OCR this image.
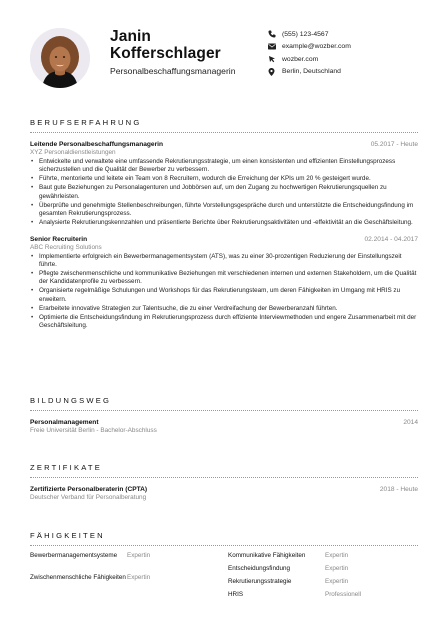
Janin
Kofferschlager
Personalbeschaffungsmanagerin
(555) 123-4567
example@wozber.com
wozber.com
Berlin, Deutschland
BERUFSERFAHRUNG
Leitende Personalbeschaffungsmanagerin	05.2017 - Heute
XYZ Personaldienstleistungen
• Entwickelte und verwaltete eine umfassende Rekrutierungsstrategie, um einen konsistenten und effizienten Einstellungsprozess sicherzustellen und die Qualität der Bewerber zu verbessern.
• Führte, mentorierte und leitete ein Team von 8 Recruitern, wodurch die Erreichung der KPIs um 20 % gesteigert wurde.
• Baut gute Beziehungen zu Personalagenturen und Jobbörsen auf, um den Zugang zu hochwertigen Rekrutierungsquellen zu gewährleisten.
• Überprüfte und genehmigte Stellenbeschreibungen, führte Vorstellungsgespräche durch und unterstützte die Entscheidungsfindung im gesamten Rekrutierungsprozess.
• Analysierte Rekrutierungskennzahlen und präsentierte Berichte über Rekrutierungsaktivitäten und -effektivität an die Geschäftsleitung.
Senior Recruiterin	02.2014 - 04.2017
ABC Recruiting Solutions
• Implementierte erfolgreich ein Bewerbermanagementsystem (ATS), was zu einer 30-prozentigen Reduzierung der Einstellungszeit führte.
• Pflegte zwischenmenschliche und kommunikative Beziehungen mit verschiedenen internen und externen Stakeholdern, um die Qualität der Kandidatenprofile zu verbessern.
• Organisierte regelmäßige Schulungen und Workshops für das Rekrutierungsteam, um deren Fähigkeiten im Umgang mit HRIS zu erweitern.
• Erarbeitete innovative Strategien zur Talentsuche, die zu einer Verdreifachung der Bewerberanzahl führten.
• Optimierte die Entscheidungsfindung im Rekrutierungsprozess durch effiziente Interviewmethoden und engere Zusammenarbeit mit der Geschäftsleitung.
BILDUNGSWEG
Personalmanagement	2014
Freie Universität Berlin - Bachelor-Abschluss
ZERTIFIKATE
Zertifizierte Personalberaterin (CPTA)	2018 - Heute
Deutscher Verband für Personalberatung
FÄHIGKEITEN
Bewerbermanagementsysteme	Expertin
Zwischenmenschliche Fähigkeiten Expertin
Kommunikative Fähigkeiten	Expertin
Entscheidungsfindung	Expertin
Rekrutierungsstrategie	Expertin
HRIS	Professionell
